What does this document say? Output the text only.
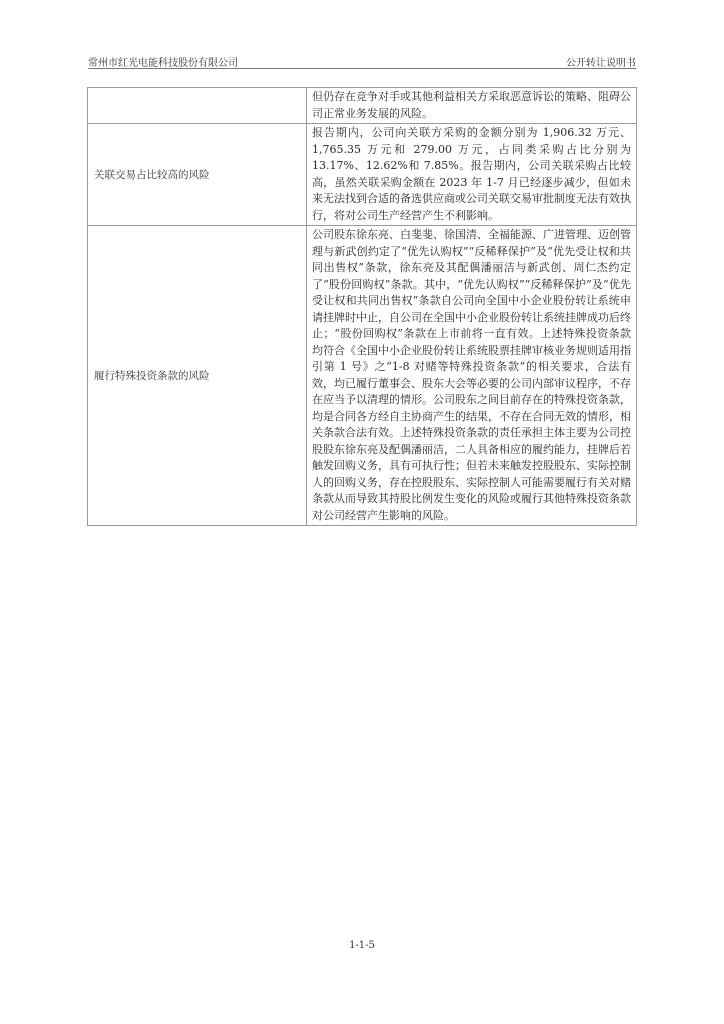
常州市红光电能科技股份有限公司	公开转让说明书
	但仍存在竞争对手或其他利益相关方采取恶意诉讼的策略、阻碍公司正常业务发展的风险。
关联交易占比较高的风险	报告期内，公司向关联方采购的金额分别为 1,906.32 万元、1,765.35 万元和 279.00 万元，占同类采购占比分别为 13.17%、12.62%和 7.85%。报告期内，公司关联采购占比较高，虽然关联采购金额在 2023 年 1-7 月已经逐步减少，但如未来无法找到合适的备选供应商或公司关联交易审批制度无法有效执行，将对公司生产经营产生不利影响。
履行特殊投资条款的风险	公司股东徐东亮、白斐斐、徐国清、全福能源、广进管理、迈创管理与新武创约定了“优先认购权”“反稀释保护”及“优先受让权和共同出售权”条款，徐东亮及其配偶潘丽洁与新武创、周仁杰约定了“股份回购权”条款。其中，“优先认购权”“反稀释保护”及“优先受让权和共同出售权”条款自公司向全国中小企业股份转让系统申请挂牌时中止，自公司在全国中小企业股份转让系统挂牌成功后终止；“股份回购权”条款在上市前将一直有效。上述特殊投资条款均符合《全国中小企业股份转让系统股票挂牌审核业务规则适用指引第 1 号》之“1-8 对赌等特殊投资条款”的相关要求，合法有效，均已履行董事会、股东大会等必要的公司内部审议程序，不存在应当予以清理的情形。公司股东之间目前存在的特殊投资条款，均是合同各方经自主协商产生的结果，不存在合同无效的情形，相关条款合法有效。上述特殊投资条款的责任承担主体主要为公司控股股东徐东亮及配偶潘丽洁，二人具备相应的履约能力，挂牌后若触发回购义务，具有可执行性；但若未来触发控股股东、实际控制人的回购义务，存在控股股东、实际控制人可能需要履行有关对赌条款从而导致其持股比例发生变化的风险或履行其他特殊投资条款对公司经营产生影响的风险。
1-1-5
